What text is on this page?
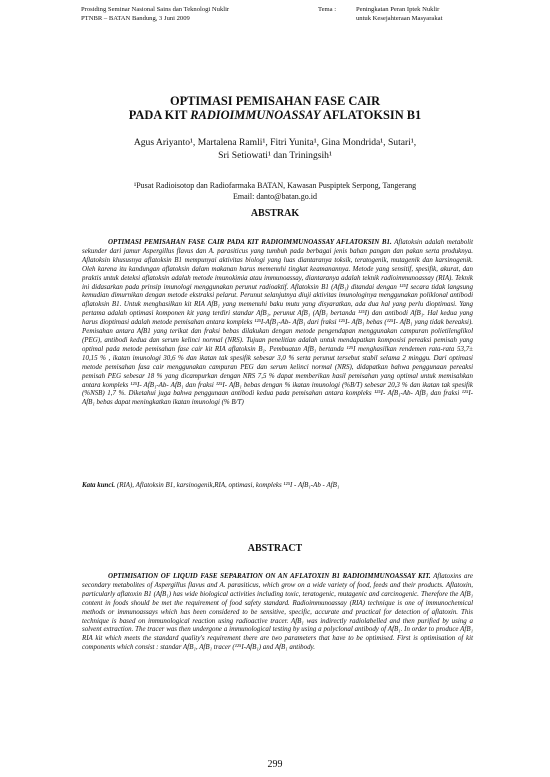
Prosiding Seminar Nasional Sains dan Teknologi Nuklir
PTNBR – BATAN Bandung, 3 Juni 2009
Tema :	Peningkatan Peran Iptek Nuklir
untuk Kesejahteraan Masyarakat
OPTIMASI PEMISAHAN FASE CAIR
PADA KIT RADIOIMMUNOASSAY AFLATOKSIN B1
Agus Ariyanto¹, Martalena Ramli¹, Fitri Yunita¹, Gina Mondrida¹, Sutari¹,
Sri Setiowati¹ dan Triningsih¹
¹Pusat Radioisotop dan Radiofarmaka BATAN, Kawasan Puspiptek Serpong, Tangerang
Email: danto@batan.go.id
ABSTRAK

OPTIMASI PEMISAHAN FASE CAIR PADA KIT RADIOIMMUNOASSAY AFLATOKSIN B1. Aflatoksin adalah metabolit sekunder dari jamur Aspergillus flavus dan A. parasiticus yang tumbuh pada berbagai jenis bahan pangan dan pakan serta produknya. Aflatoksin khususnya aflatoksin B1 mempunyai aktivitas biologi yang luas diantaranya toksik, teratogenik, mutagenik dan karsinogenik. Oleh karena itu kandungan aflatoksin dalam makanan harus memenuhi tingkat keamanannya. Metode yang sensitif, spesifik, akurat, dan praktis untuk deteksi aflatoksin adalah metode imunokimia atau immunoassay, diantaranya adalah teknik radioimmunoassay (RIA). Teknik ini didasarkan pada prinsip imunologi menggunakan perunut radioaktif. Aflatoksin B1 (AfB₁) ditandai dengan ¹²⁵I secara tidak langsung kemudian dimurnikan dengan metode ekstraksi pelarut. Perunut selanjutnya diuji aktivitas imunologinya menggunakan poliklonal antibodi aflatoksin B1. Untuk menghasilkan kit RIA AfB₁ yang memenuhi baku mutu yang disyaratkan, ada dua hal yang perlu dioptimasi. Yang pertama adalah optimasi komponen kit yang terdiri standar AfB₁, perunut AfB₁ (AfB₁ bertanda ¹²⁵I) dan antibodi AfB₁. Hal kedua yang harus dioptimasi adalah metode pemisahan antara kompleks ¹²⁵I-AfB₁-Ab- AfB₁ dari fraksi ¹²⁵I- AfB₁ bebas (¹²⁵I- AfB₁ yang tidak bereaksi). Pemisahan antara AfB1 yang terikat dan fraksi bebas dilakukan dengan metode pengendapan menggunakan campuran polietilenglikol (PEG), antibodi kedua dan serum kelinci normal (NRS). Tujuan penelitian adalah untuk mendapatkan komposisi pereaksi pemisah yang optimal pada metode pemisahan fase cair kit RIA aflatoksin B₁. Pembuatan AfB₁ bertanda ¹²⁵I menghasilkan rendemen rata-rata 53,7± 10,15 % , ikatan imunologi 30,6 % dan ikatan tak spesifik sebesar 3,0 % serta perunut tersebut stabil selama 2 minggu. Dari optimasi metode pemisahan fasa cair menggunakan campuran PEG dan serum kelinci normal (NRS), didapatkan bahwa penggunaan pereaksi pemisah PEG sebesar 18 % yang dicampurkan dengan NRS 7,5 % dapat memberikan hasil pemisahan yang optimal untuk memisahkan antara kompleks ¹²⁵I- AfB₁-Ab- AfB₁ dan fraksi ¹²⁵I- AfB₁ bebas dengan % ikatan imunologi (%B/T) sebesar 20,3 % dan ikatan tak spesifik (%NSB) 1,7 %. Diketahui juga bahwa penggunaan antibodi kedua pada pemisahan antara kompleks ¹²⁵I- AfB₁-Ab- AfB₁ dan fraksi ¹²⁵I- AfB₁ bebas dapat meningkatkan ikatan imunologi (% B/T)

Kata kunci. (RIA), Aflatoksin B1, karsinogenik,RIA, optimasi, kompleks ¹²⁵I - AfB₁-Ab - AfB₁
ABSTRACT

OPTIMISATION OF LIQUID FASE SEPARATION ON AN AFLATOXIN B1 RADIOIMMUNOASSAY KIT. Aflatoxins are secondary metabolites of Aspergillus flavus and A. parasiticus, which grow on a wide variety of food, feeds and their products. Aflatoxin, particularly aflatoxin B1 (AfB₁) has wide biological activities including toxic, teratogenic, mutagenic and carcinogenic. Therefore the AfB₁ content in foods should be met the requirement of food safety standard. Radioimmunoassay (RIA) technique is one of immunochemical methods or immunoassays which has been considered to be sensitive, specific, accurate and practical for detection of aflatoxin. This technique is based on immunological reaction using radioactive tracer. AfB₁ was indirectly radiolabelled and then purified by using a solvent extraction. The tracer was then undergone a immunological testing by using a polyclonal antibody of AfB₁. In order to produce AfB₁ RIA kit which meets the standard quality's requirement there are two parameters that have to be optimised. First is optimisation of kit components which consist : standar AfB₁, AfB₁ tracer (¹²⁵I-AfB₁) and AfB₁ antibody.

299
